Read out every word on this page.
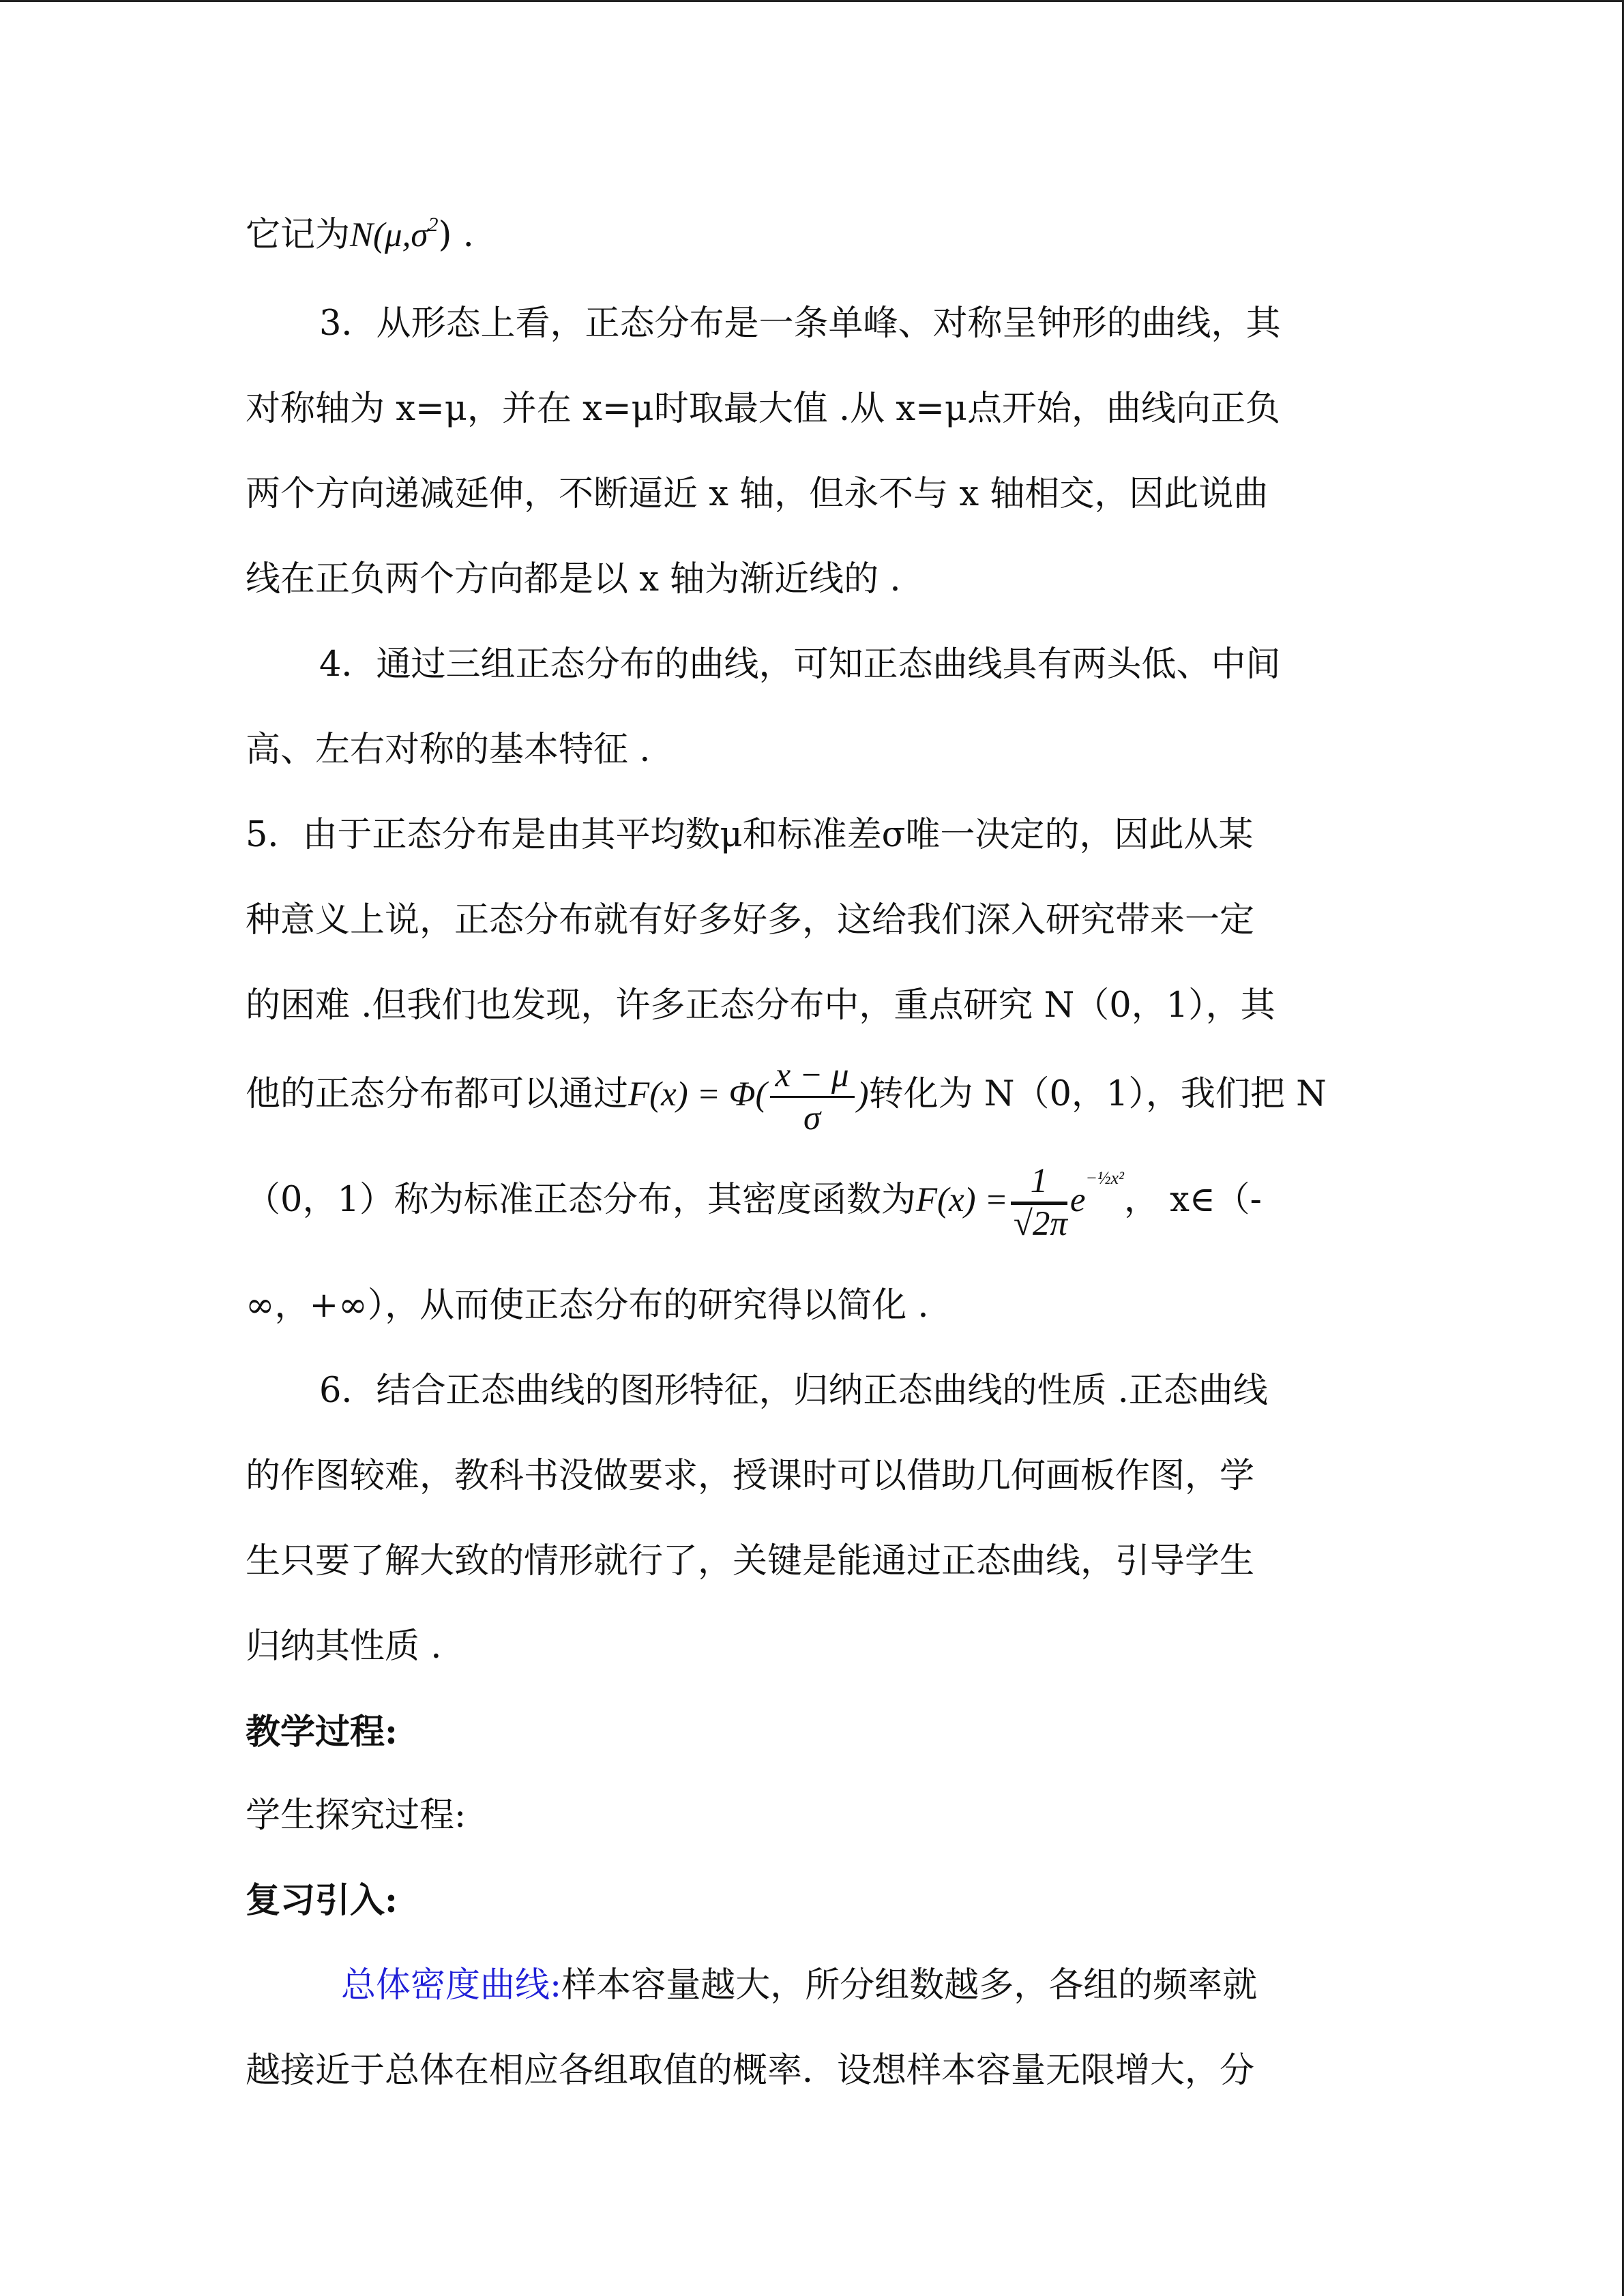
它记为$N(\mu,\sigma^2)$ .
3．从形态上看，正态分布是一条单峰、对称呈钟形的曲线，其
对称轴为 x=μ，并在 x=μ时取最大值 .从 x=μ点开始，曲线向正负
两个方向递减延伸，不断逼近 x 轴，但永不与 x 轴相交，因此说曲
线在正负两个方向都是以 x 轴为渐近线的 .
4．通过三组正态分布的曲线，可知正态曲线具有两头低、中间
高、左右对称的基本特征 .
5．由于正态分布是由其平均数μ和标准差σ唯一决定的，因此从某
种意义上说，正态分布就有好多好多，这给我们深入研究带来一定
的困难 .但我们也发现，许多正态分布中，重点研究 N（0，1），其
他的正态分布都可以通过$F(x) = \Phi( \frac{x - \mu}{\sigma}$ )转化为 N（0，1），我们把 N
（0，1）称为标准正态分布，其密度函数为$F(x) = \frac{1}{√2\pi}$ e−½x²， x∈（-
∞，+∞），从而使正态分布的研究得以简化 .
6．结合正态曲线的图形特征，归纳正态曲线的性质 .正态曲线
的作图较难，教科书没做要求，授课时可以借助几何画板作图，学
生只要了解大致的情形就行了，关键是能通过正态曲线，引导学生
归纳其性质 .
教学过程:
学生探究过程:
复习引入:
总体密度曲线:样本容量越大，所分组数越多，各组的频率就
越接近于总体在相应各组取值的概率．设想样本容量无限增大，分
